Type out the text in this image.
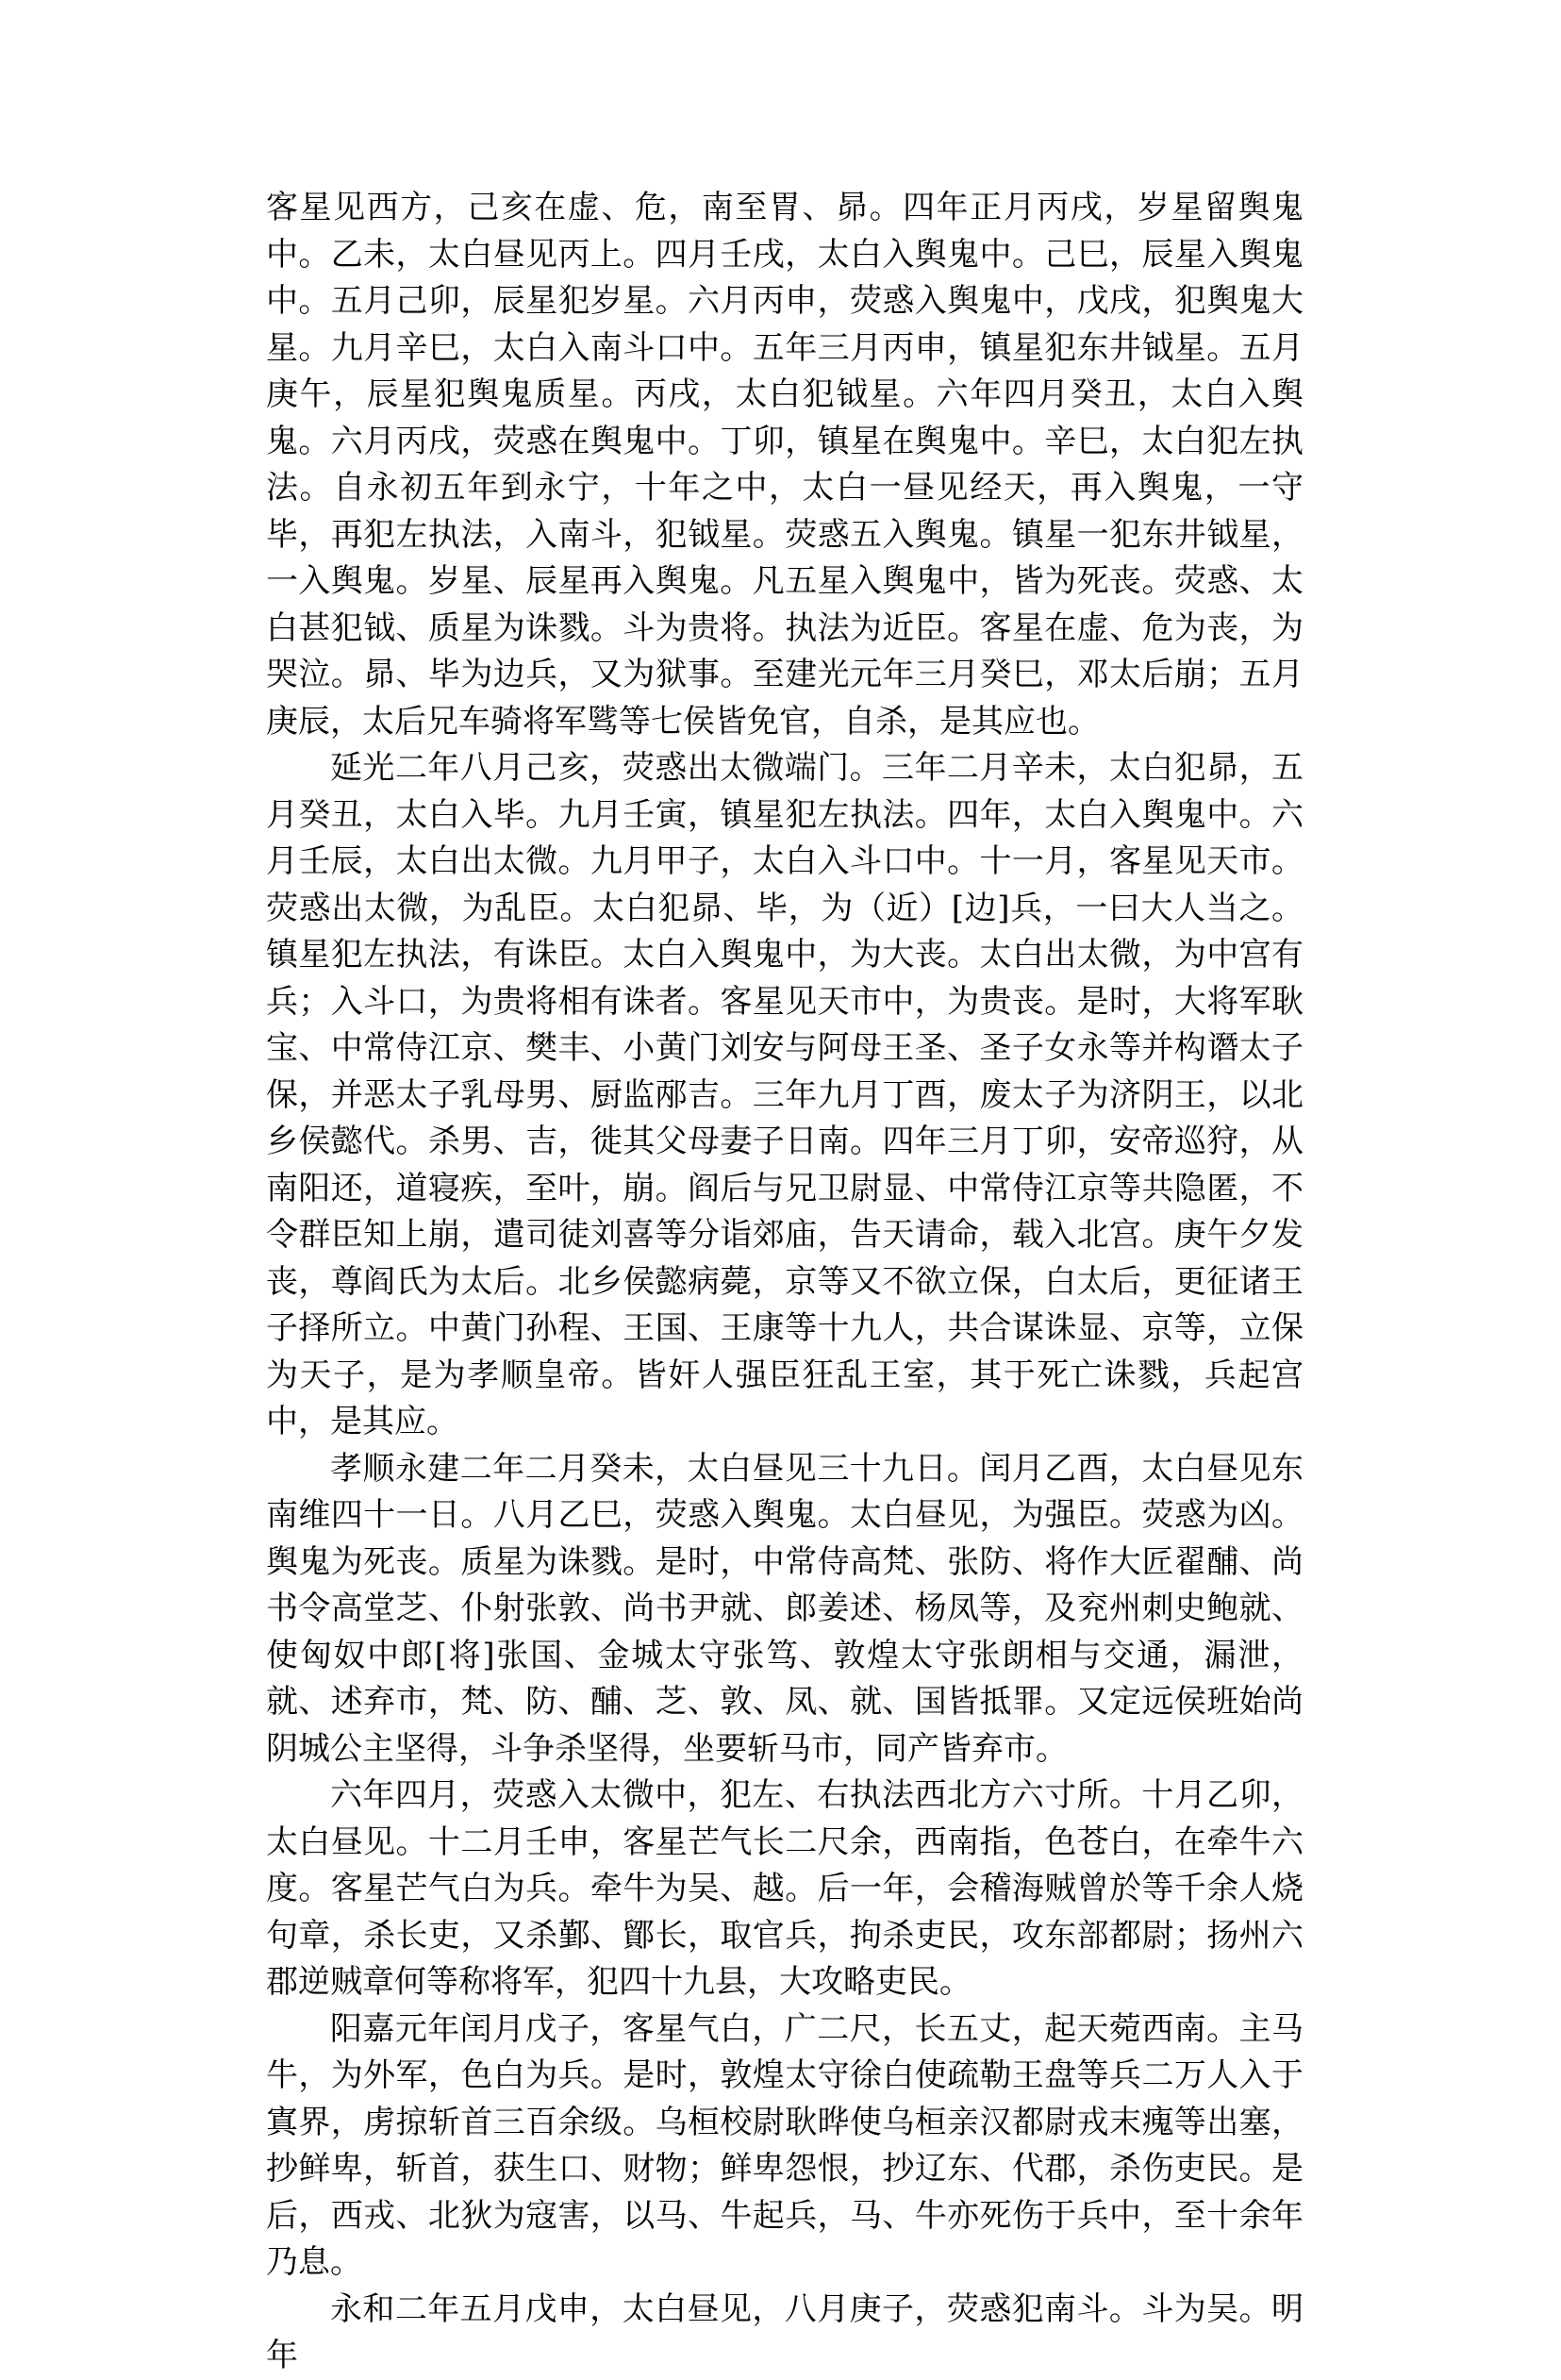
客星见西方，己亥在虚、危，南至胃、昴。四年正月丙戌，岁星留舆鬼中。乙未，太白昼见丙上。四月壬戌，太白入舆鬼中。己巳，辰星入舆鬼中。五月己卯，辰星犯岁星。六月丙申，荧惑入舆鬼中，戊戌，犯舆鬼大星。九月辛巳，太白入南斗口中。五年三月丙申，镇星犯东井钺星。五月庚午，辰星犯舆鬼质星。丙戌，太白犯钺星。六年四月癸丑，太白入舆鬼。六月丙戌，荧惑在舆鬼中。丁卯，镇星在舆鬼中。辛巳，太白犯左执法。自永初五年到永宁，十年之中，太白一昼见经天，再入舆鬼，一守毕，再犯左执法，入南斗，犯钺星。荧惑五入舆鬼。镇星一犯东井钺星，一入舆鬼。岁星、辰星再入舆鬼。凡五星入舆鬼中，皆为死丧。荧惑、太白甚犯钺、质星为诛戮。斗为贵将。执法为近臣。客星在虚、危为丧，为哭泣。昴、毕为边兵，又为狱事。至建光元年三月癸巳，邓太后崩；五月庚辰，太后兄车骑将军骘等七侯皆免官，自杀，是其应也。

延光二年八月己亥，荧惑出太微端门。三年二月辛未，太白犯昴，五月癸丑，太白入毕。九月壬寅，镇星犯左执法。四年，太白入舆鬼中。六月壬辰，太白出太微。九月甲子，太白入斗口中。十一月，客星见天市。荧惑出太微，为乱臣。太白犯昴、毕，为（近）[边]兵，一曰大人当之。镇星犯左执法，有诛臣。太白入舆鬼中，为大丧。太白出太微，为中宫有兵；入斗口，为贵将相有诛者。客星见天市中，为贵丧。是时，大将军耿宝、中常侍江京、樊丰、小黄门刘安与阿母王圣、圣子女永等并构谮太子保，并恶太子乳母男、厨监邴吉。三年九月丁酉，废太子为济阴王，以北乡侯懿代。杀男、吉，徙其父母妻子日南。四年三月丁卯，安帝巡狩，从南阳还，道寝疾，至叶，崩。阎后与兄卫尉显、中常侍江京等共隐匿，不令群臣知上崩，遣司徒刘喜等分诣郊庙，告天请命，载入北宫。庚午夕发丧，尊阎氏为太后。北乡侯懿病薨，京等又不欲立保，白太后，更征诸王子择所立。中黄门孙程、王国、王康等十九人，共合谋诛显、京等，立保为天子，是为孝顺皇帝。皆奸人强臣狂乱王室，其于死亡诛戮，兵起宫中，是其应。

孝顺永建二年二月癸未，太白昼见三十九日。闰月乙酉，太白昼见东南维四十一日。八月乙巳，荧惑入舆鬼。太白昼见，为强臣。荧惑为凶。舆鬼为死丧。质星为诛戮。是时，中常侍高梵、张防、将作大匠翟酺、尚书令高堂芝、仆射张敦、尚书尹就、郎姜述、杨凤等，及兖州刺史鲍就、使匈奴中郎[将]张国、金城太守张笃、敦煌太守张朗相与交通，漏泄，就、述弃市，梵、防、酺、芝、敦、凤、就、国皆抵罪。又定远侯班始尚阴城公主坚得，斗争杀坚得，坐要斩马市，同产皆弃市。

六年四月，荧惑入太微中，犯左、右执法西北方六寸所。十月乙卯，太白昼见。十二月壬申，客星芒气长二尺余，西南指，色苍白，在牵牛六度。客星芒气白为兵。牵牛为吴、越。后一年，会稽海贼曾於等千余人烧句章，杀长吏，又杀鄞、鄮长，取官兵，拘杀吏民，攻东部都尉；扬州六郡逆贼章何等称将军，犯四十九县，大攻略吏民。

阳嘉元年闰月戊子，客星气白，广二尺，长五丈，起天菀西南。主马牛，为外军，色白为兵。是时，敦煌太守徐白使疏勒王盘等兵二万人入于寘界，虏掠斩首三百余级。乌桓校尉耿晔使乌桓亲汉都尉戎末瘣等出塞，抄鲜卑，斩首，获生口、财物；鲜卑怨恨，抄辽东、代郡，杀伤吏民。是后，西戎、北狄为寇害，以马、牛起兵，马、牛亦死伤于兵中，至十余年乃息。

永和二年五月戊申，太白昼见，八月庚子，荧惑犯南斗。斗为吴。明年
